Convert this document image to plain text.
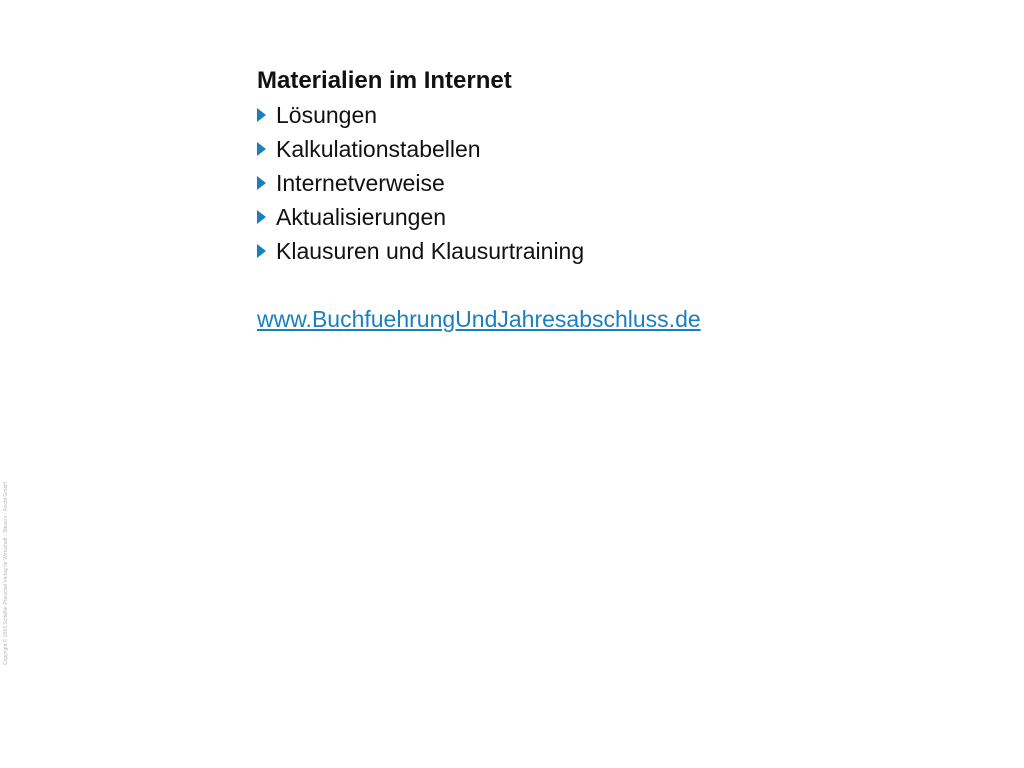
Materialien im Internet
Lösungen
Kalkulationstabellen
Internetverweise
Aktualisierungen
Klausuren und Klausurtraining
www.BuchfuehrungUndJahresabschluss.de
Copyright © 2015 Schäffer-Poeschel Verlag für Wirtschaft · Steuern · Recht GmbH
